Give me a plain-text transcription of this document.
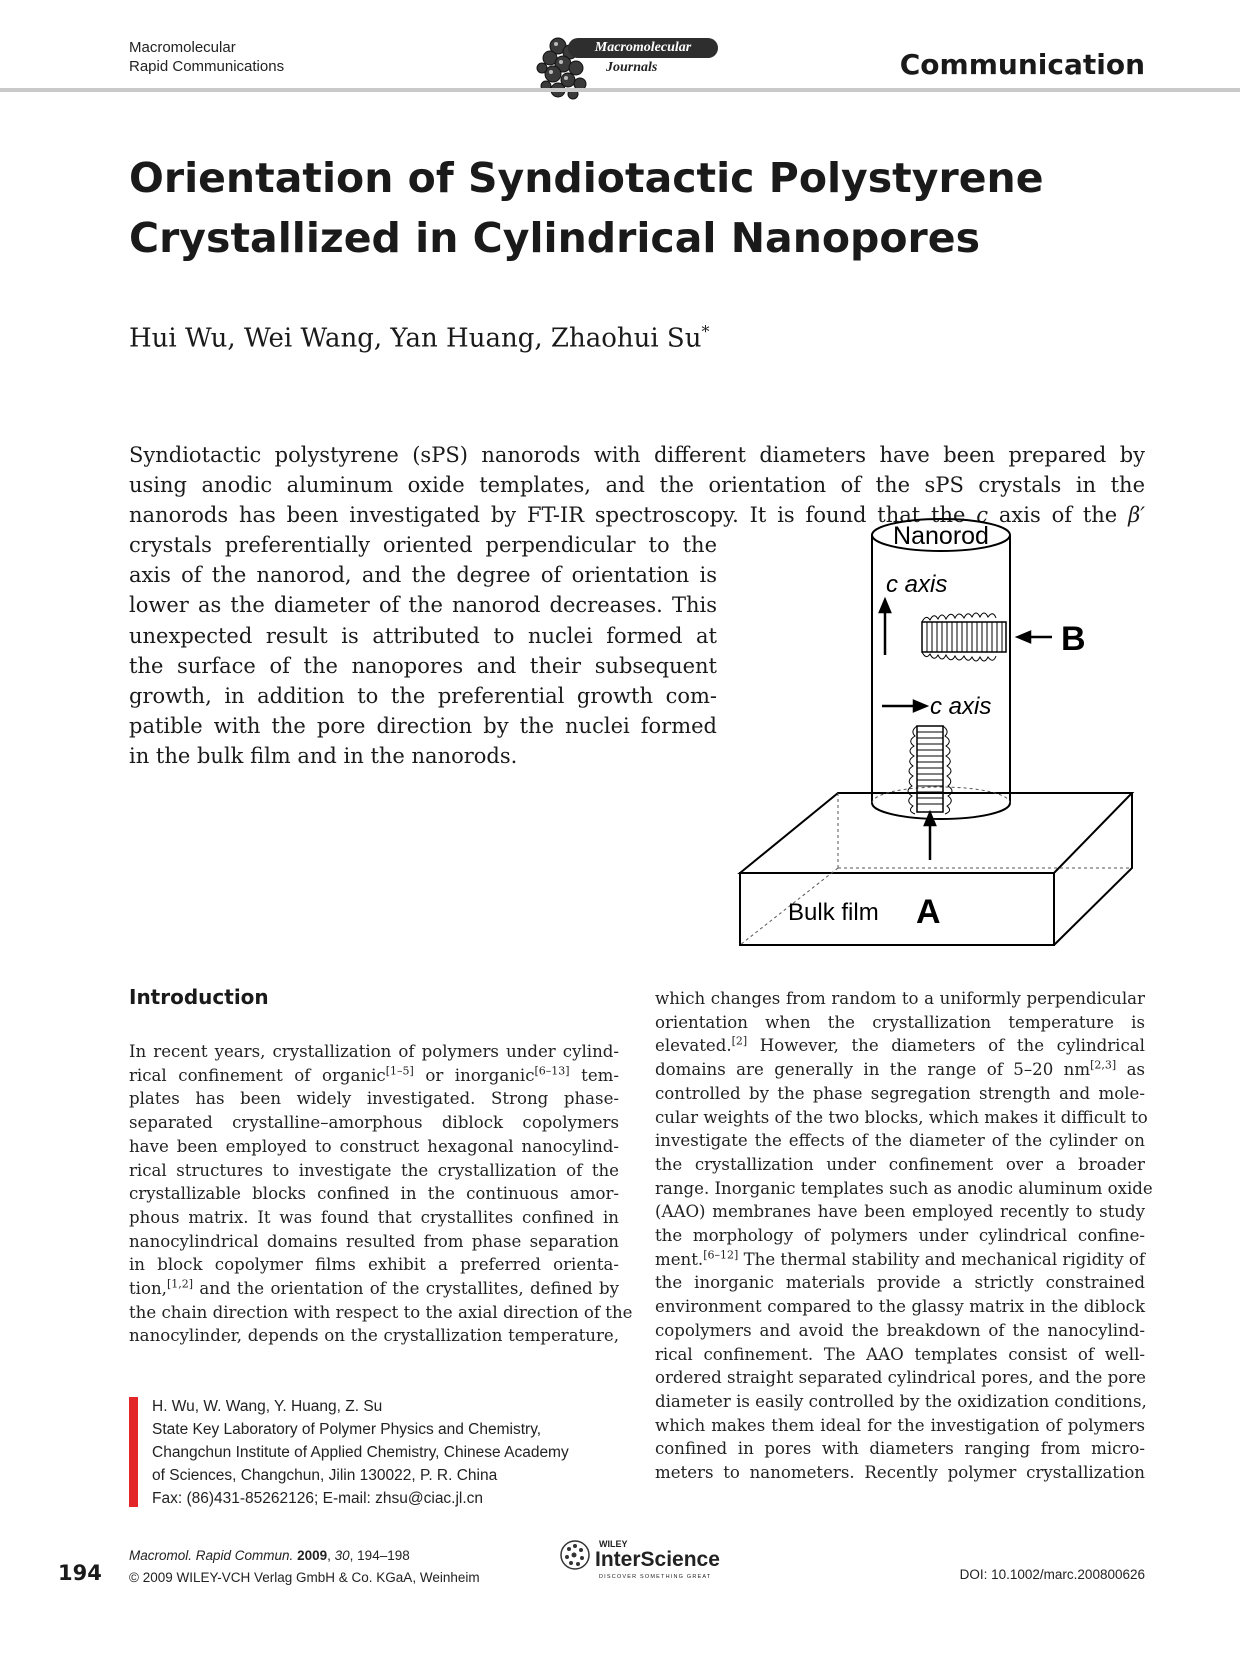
Macromolecular
Rapid Communications
Macromolecular
Journals	Communication
Orientation of Syndiotactic Polystyrene
Crystallized in Cylindrical Nanopores
Hui Wu, Wei Wang, Yan Huang, Zhaohui Su*
Syndiotactic polystyrene (sPS) nanorods with different diameters have been prepared by
using anodic aluminum oxide templates, and the orientation of the sPS crystals in the
nanorods has been investigated by FT-IR spectroscopy. It is found that the c axis of the β′
crystals preferentially oriented perpendicular to the
axis of the nanorod, and the degree of orientation is
lower as the diameter of the nanorod decreases. This
unexpected result is attributed to nuclei formed at
the surface of the nanopores and their subsequent
growth, in addition to the preferential growth com-
patible with the pore direction by the nuclei formed
in the bulk film and in the nanorods.
Nanorod
c axis
c axis
B
A
Bulk film
Introduction
In recent years, crystallization of polymers under cylind-
rical confinement of organic[1–5] or inorganic[6–13] tem-
plates has been widely investigated. Strong phase-
separated crystalline–amorphous diblock copolymers
have been employed to construct hexagonal nanocylind-
rical structures to investigate the crystallization of the
crystallizable blocks confined in the continuous amor-
phous matrix. It was found that crystallites confined in
nanocylindrical domains resulted from phase separation
in block copolymer films exhibit a preferred orienta-
tion,[1,2] and the orientation of the crystallites, defined by
the chain direction with respect to the axial direction of the
nanocylinder, depends on the crystallization temperature,
which changes from random to a uniformly perpendicular
orientation when the crystallization temperature is
elevated.[2] However, the diameters of the cylindrical
domains are generally in the range of 5–20 nm[2,3] as
controlled by the phase segregation strength and mole-
cular weights of the two blocks, which makes it difficult to
investigate the effects of the diameter of the cylinder on
the crystallization under confinement over a broader
range. Inorganic templates such as anodic aluminum oxide
(AAO) membranes have been employed recently to study
the morphology of polymers under cylindrical confine-
ment.[6–12] The thermal stability and mechanical rigidity of
the inorganic materials provide a strictly constrained
environment compared to the glassy matrix in the diblock
copolymers and avoid the breakdown of the nanocylind-
rical confinement. The AAO templates consist of well-
ordered straight separated cylindrical pores, and the pore
diameter is easily controlled by the oxidization conditions,
which makes them ideal for the investigation of polymers
confined in pores with diameters ranging from micro-
meters to nanometers. Recently polymer crystallization
H. Wu, W. Wang, Y. Huang, Z. Su
State Key Laboratory of Polymer Physics and Chemistry,
Changchun Institute of Applied Chemistry, Chinese Academy
of Sciences, Changchun, Jilin 130022, P. R. China
Fax: (86)431-85262126; E-mail: zhsu@ciac.jl.cn
194
Macromol. Rapid Commun. 2009, 30, 194–198
© 2009 WILEY-VCH Verlag GmbH & Co. KGaA, Weinheim
WILEY
InterScience
DISCOVER SOMETHING GREAT	DOI: 10.1002/marc.200800626
